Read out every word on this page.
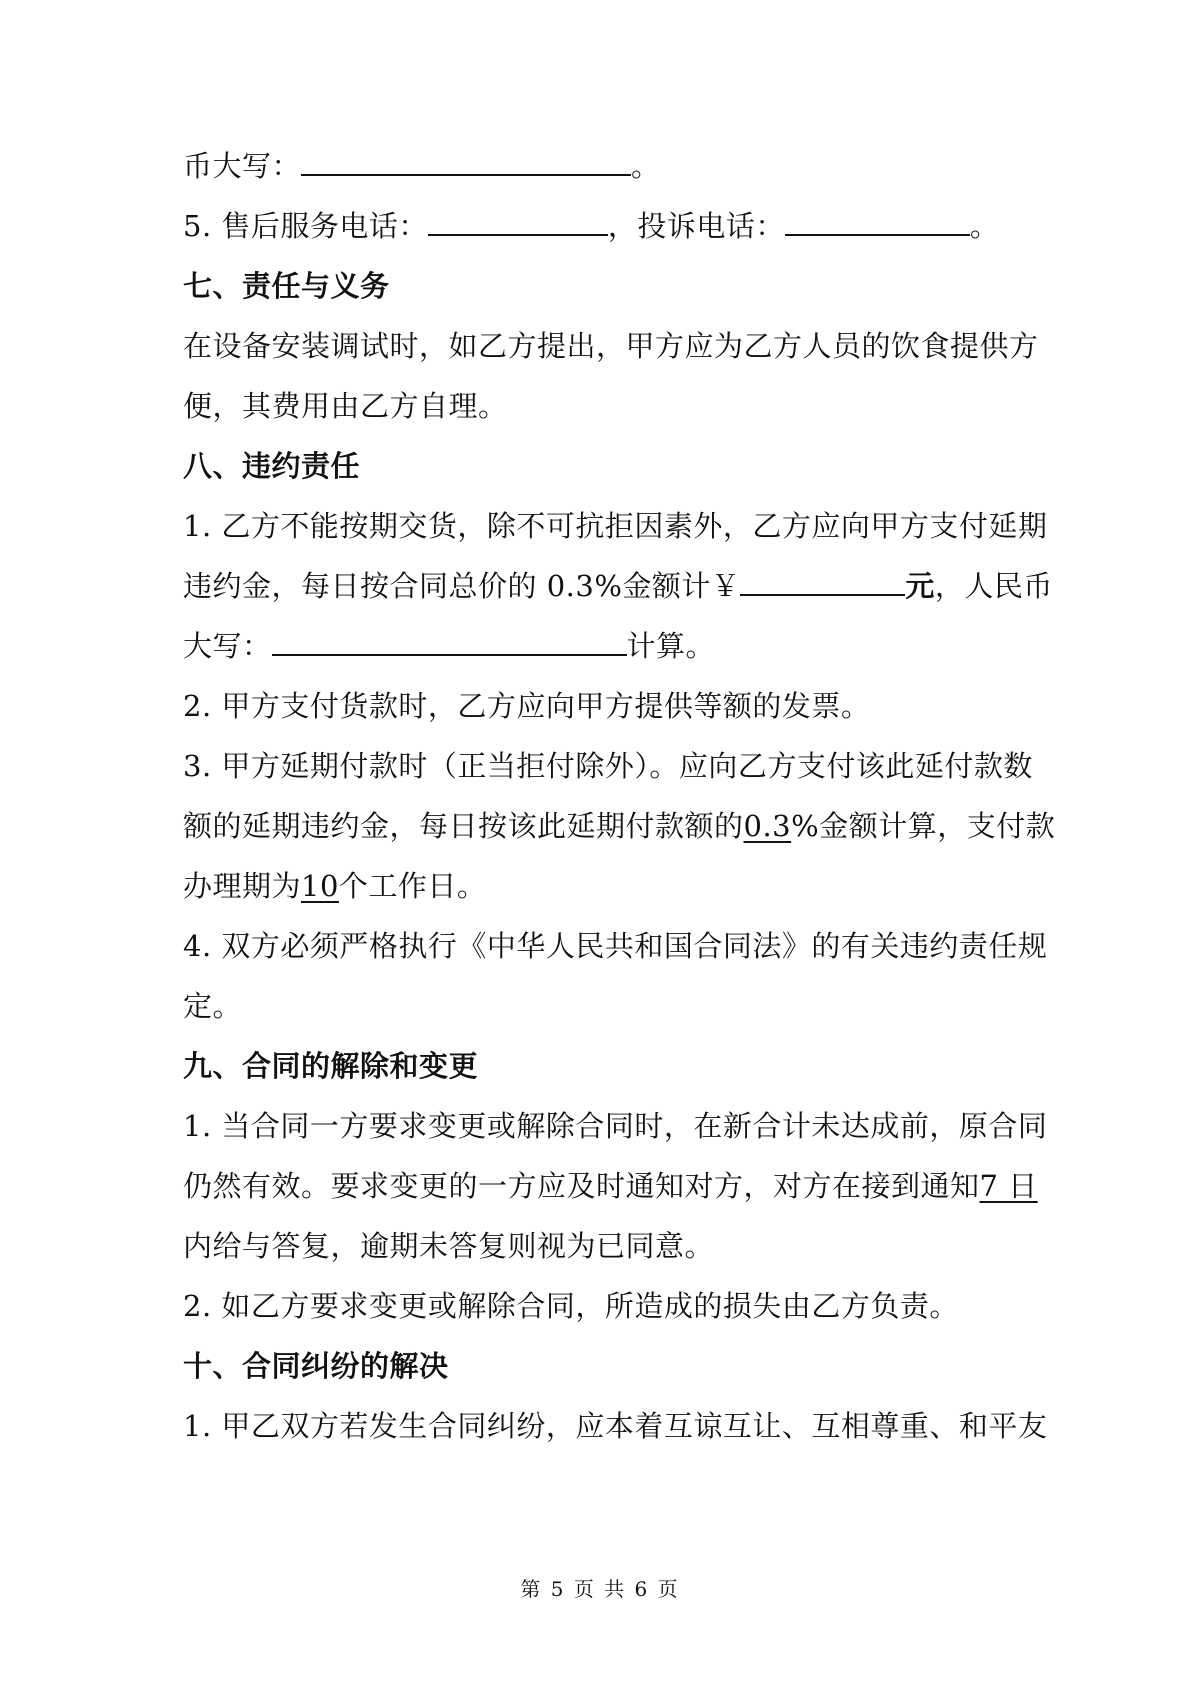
币大写：	。
5. 售后服务电话：	，投诉电话：	。
七、责任与义务
在设备安装调试时，如乙方提出，甲方应为乙方人员的饮食提供方
便，其费用由乙方自理。
八、违约责任
1. 乙方不能按期交货，除不可抗拒因素外，乙方应向甲方支付延期
违约金，每日按合同总价的 0.3%金额计￥	元，人民币
大写：	计算。
2. 甲方支付货款时，乙方应向甲方提供等额的发票。
3. 甲方延期付款时（正当拒付除外）。应向乙方支付该此延付款数
额的延期违约金，每日按该此延期付款额的0.3%金额计算，支付款
办理期为10个工作日。
4. 双方必须严格执行《中华人民共和国合同法》的有关违约责任规
定。
九、合同的解除和变更
1. 当合同一方要求变更或解除合同时，在新合计未达成前，原合同
仍然有效。要求变更的一方应及时通知对方，对方在接到通知7 日
内给与答复，逾期未答复则视为已同意。
2. 如乙方要求变更或解除合同，所造成的损失由乙方负责。
十、合同纠纷的解决
1. 甲乙双方若发生合同纠纷，应本着互谅互让、互相尊重、和平友
第 5 页 共 6 页
